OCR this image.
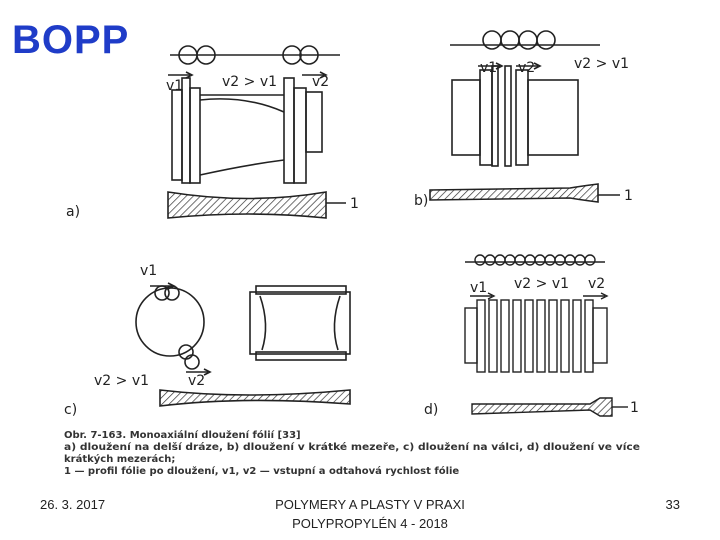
BOPP
v1	v2 > v1 v2
1
a)
v1 v2	v2 > v1
1
b)
v1
v2
v2 > v1
c)
v1 v2 > v1 v2
1
d)
Obr. 7-163. Monoaxiální dloužení fólií [33]
a) dloužení na delší dráze, b) dloužení v krátké mezeře, c) dloužení na válci, d) dloužení ve více
krátkých mezerách;
1 — profil fólie po dloužení, v1, v2 — vstupní a odtahová rychlost fólie
26. 3. 2017	POLYMERY A PLASTY V PRAXI
POLYPROPYLÉN 4 - 2018
33
